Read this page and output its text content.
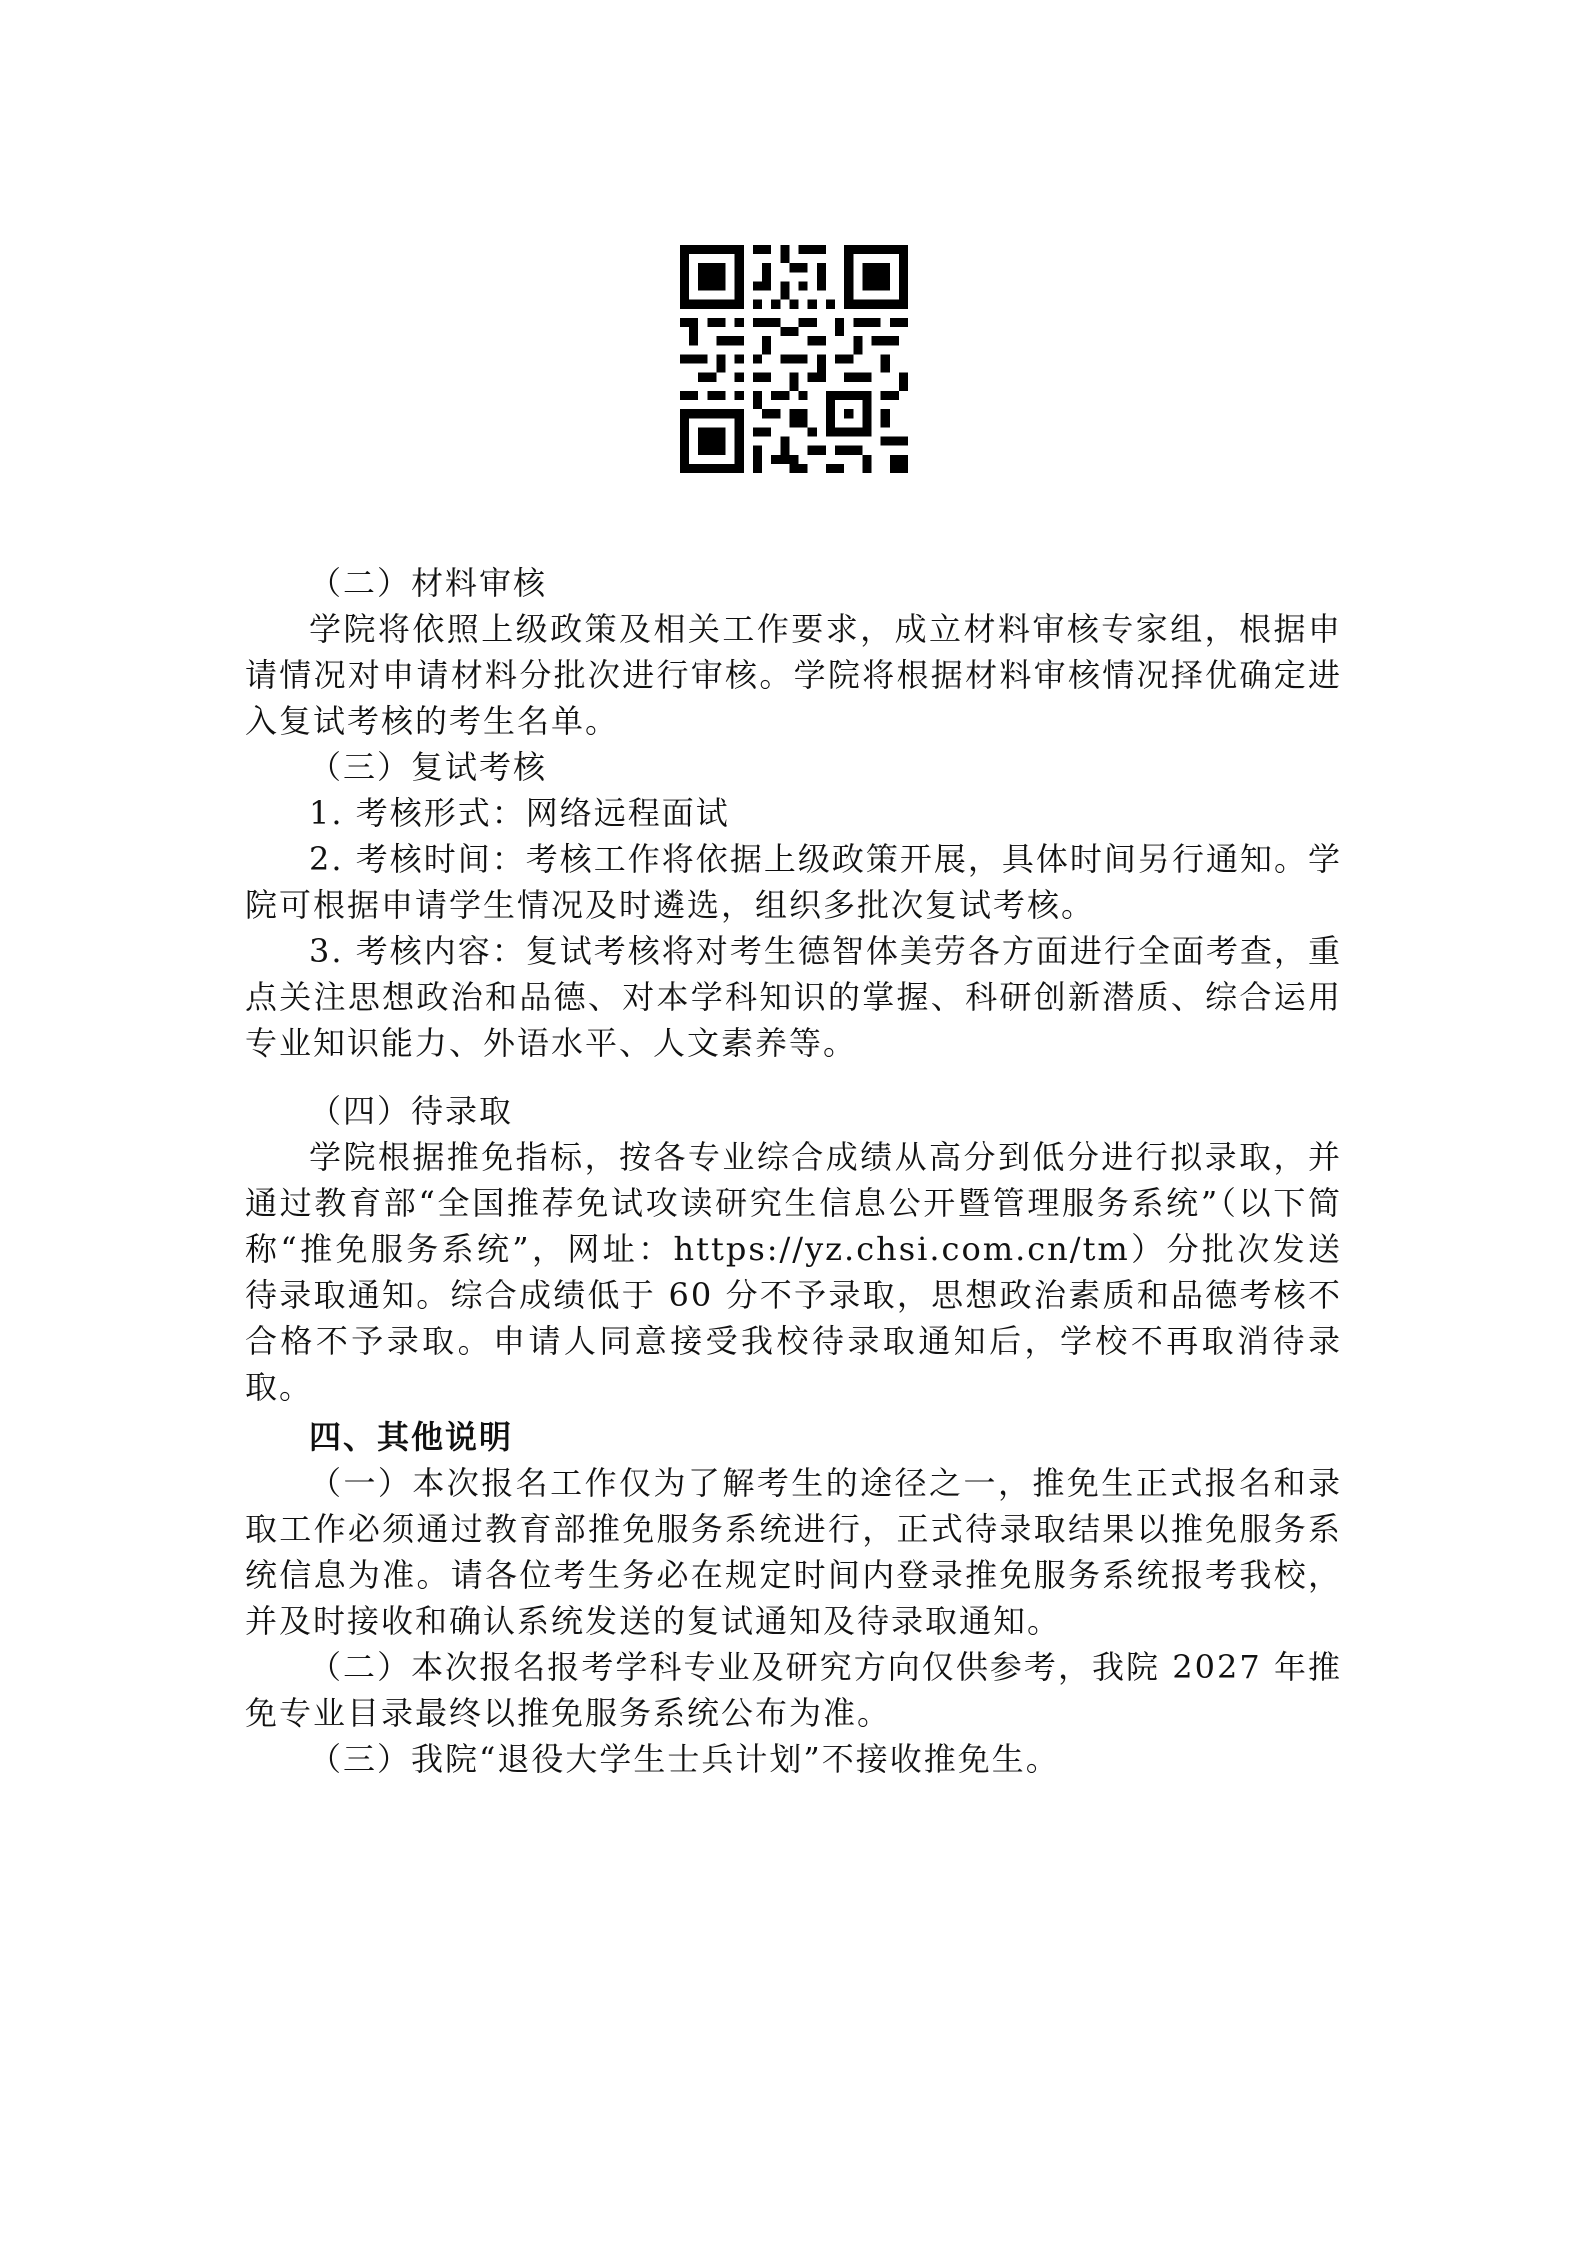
（二）材料审核

学院将依照上级政策及相关工作要求，成立材料审核专家组，根据申请情况对申请材料分批次进行审核。学院将根据材料审核情况择优确定进入复试考核的考生名单。

（三）复试考核

1. 考核形式：网络远程面试

2. 考核时间：考核工作将依据上级政策开展，具体时间另行通知。学院可根据申请学生情况及时遴选，组织多批次复试考核。

3. 考核内容：复试考核将对考生德智体美劳各方面进行全面考查，重点关注思想政治和品德、对本学科知识的掌握、科研创新潜质、综合运用专业知识能力、外语水平、人文素养等。

（四）待录取

学院根据推免指标，按各专业综合成绩从高分到低分进行拟录取，并通过教育部“全国推荐免试攻读研究生信息公开暨管理服务系统”（以下简称“推免服务系统”，网址：https://yz.chsi.com.cn/tm）分批次发送待录取通知。综合成绩低于 60 分不予录取，思想政治素质和品德考核不合格不予录取。申请人同意接受我校待录取通知后，学校不再取消待录取。

四、其他说明

（一）本次报名工作仅为了解考生的途径之一，推免生正式报名和录取工作必须通过教育部推免服务系统进行，正式待录取结果以推免服务系统信息为准。请各位考生务必在规定时间内登录推免服务系统报考我校，并及时接收和确认系统发送的复试通知及待录取通知。

（二）本次报名报考学科专业及研究方向仅供参考，我院 2027 年推免专业目录最终以推免服务系统公布为准。

（三）我院“退役大学生士兵计划”不接收推免生。
